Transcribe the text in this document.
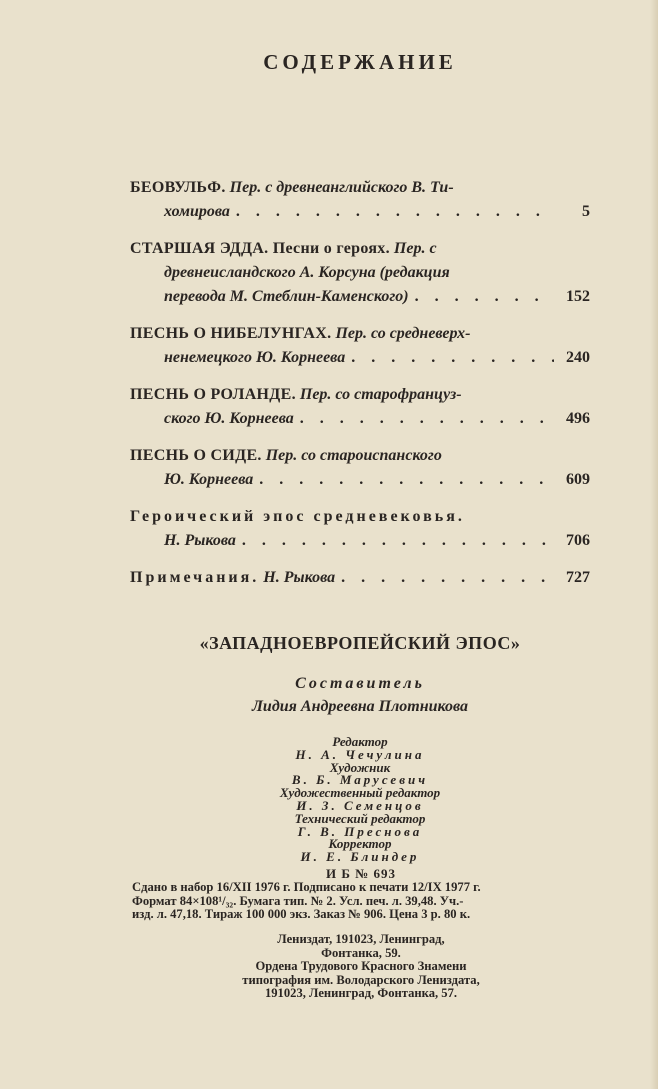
СОДЕРЖАНИЕ
БЕОВУЛЬФ. Пер. с древнеанглийского В. Ти-
хомирова . . .	5
СТАРШАЯ ЭДДА. Песни о героях. Пер. с
древнеисландского А. Корсуна (редакция
перевода М. Стеблин-Каменского) . . .	152
ПЕСНЬ О НИБЕЛУНГАХ. Пер. со средневерх-
ненемецкого Ю. Корнеева . . .	240
ПЕСНЬ О РОЛАНДЕ. Пер. со старофранцуз-
ского Ю. Корнеева . . .	496
ПЕСНЬ О СИДЕ. Пер. со староиспанского
Ю. Корнеева . . .	609
Героический эпос средневековья.
Н. Рыкова . . .	706
Примечания. Н. Рыкова . . .	727
«ЗАПАДНОЕВРОПЕЙСКИЙ ЭПОС»
Составитель
Лидия Андреевна Плотникова
Редактор
Н. А. Чечулина
Художник
В. Б. Марусевич
Художественный редактор
И. З. Семенцов
Технический редактор
Г. В. Преснова
Корректор
И. Е. Блиндер
И Б № 693
Сдано в набор 16/XII 1976 г. Подписано к печати 12/IX 1977 г.
Формат 84×108¹/₃₂. Бумага тип. № 2. Усл. печ. л. 39,48. Уч.-
изд. л. 47,18. Тираж 100 000 экз. Заказ № 906. Цена 3 р. 80 к.
Лениздат, 191023, Ленинград,
Фонтанка, 59.
Ордена Трудового Красного Знамени
типография им. Володарского Лениздата,
191023, Ленинград, Фонтанка, 57.
